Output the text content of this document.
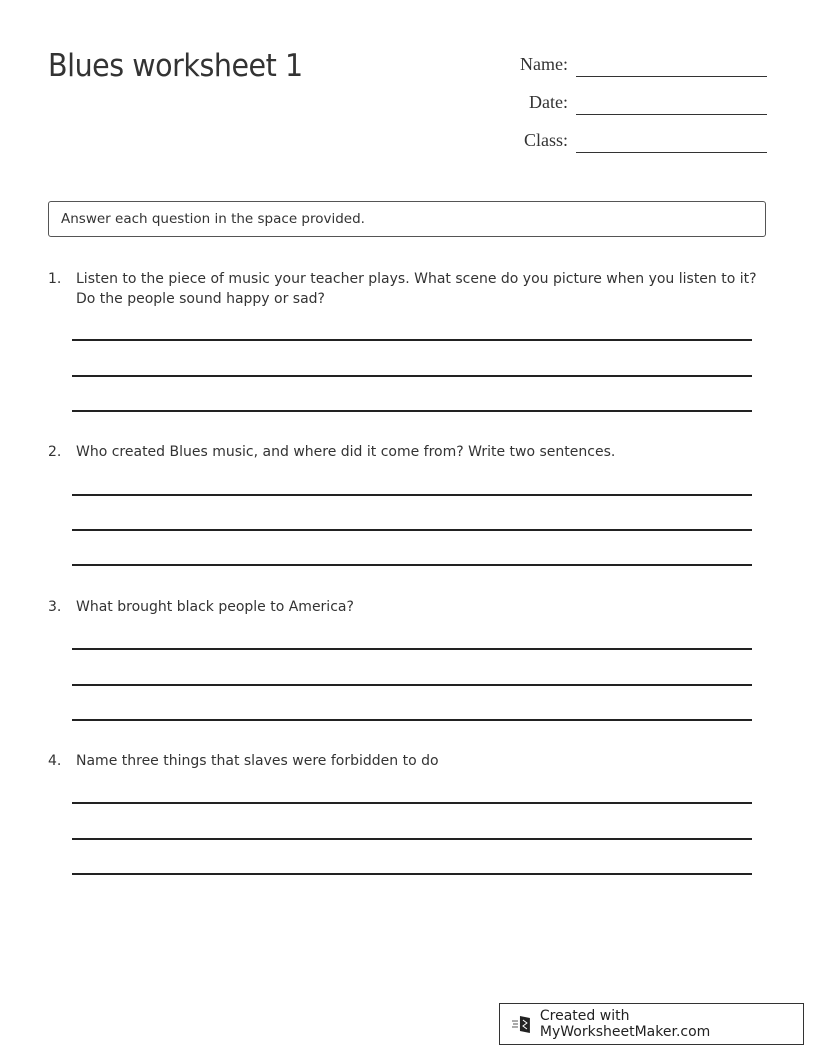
Blues worksheet 1	Name:
Date:
Class:
Answer each question in the space provided.
1.	Listen to the piece of music your teacher plays. What scene do you picture when you listen to it? Do the people sound happy or sad?
2.	Who created Blues music, and where did it come from? Write two sentences.
3.	What brought black people to America?
4.	Name three things that slaves were forbidden to do
Created with MyWorksheetMaker.com
